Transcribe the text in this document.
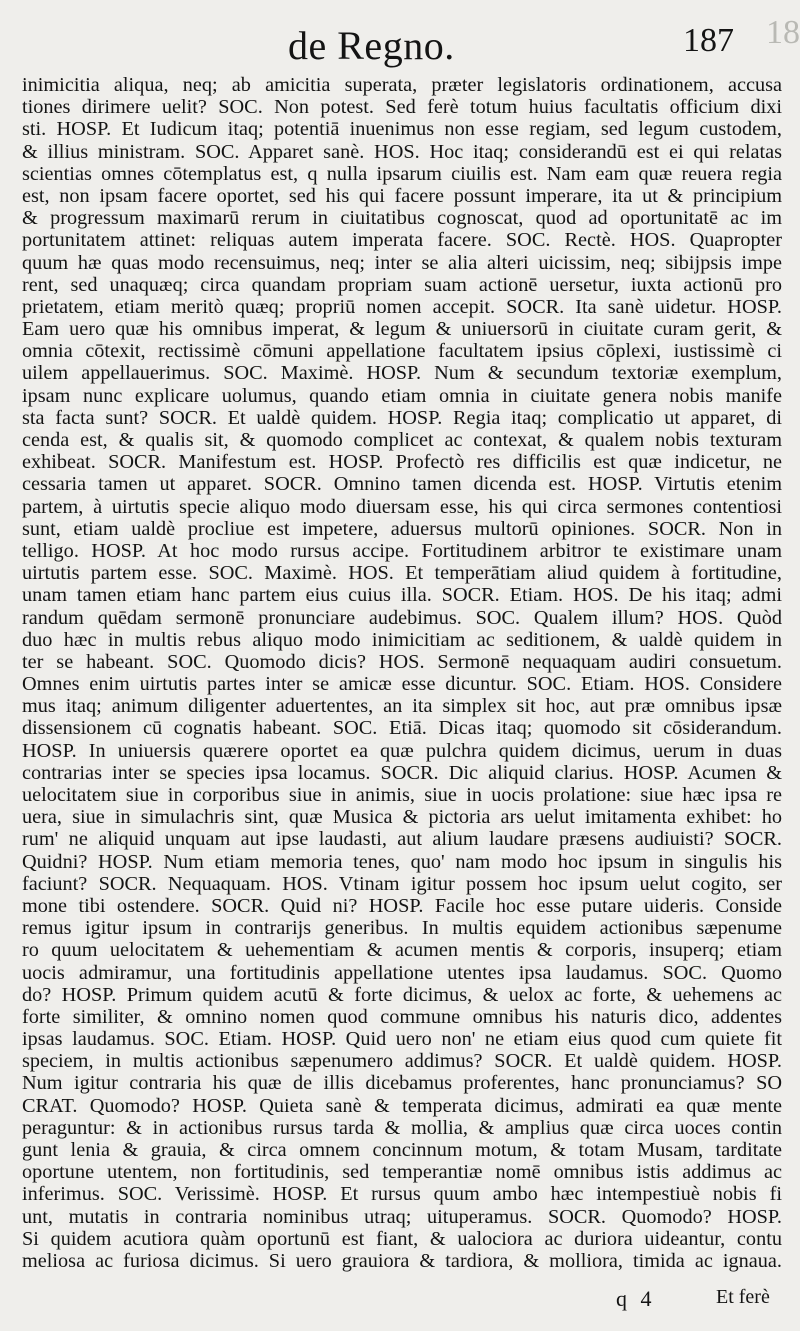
de Regno.	187 18
inimicitia aliqua, neq; ab amicitia superata, præter legislatoris ordinationem, accusa
tiones dirimere uelit? SOC. Non potest. Sed ferè totum huius facultatis officium dixi
sti. HOSP. Et Iudicum itaq; potentiā inuenimus non esse regiam, sed legum custodem,
& illius ministram. SOC. Apparet sanè. HOS. Hoc itaq; considerandū est ei qui relatas
scientias omnes cōtemplatus est, q nulla ipsarum ciuilis est. Nam eam quæ reuera regia
est, non ipsam facere oportet, sed his qui facere possunt imperare, ita ut & principium
& progressum maximarū rerum in ciuitatibus cognoscat, quod ad oportunitatē ac im
portunitatem attinet: reliquas autem imperata facere. SOC. Rectè. HOS. Quapropter
quum hæ quas modo recensuimus, neq; inter se alia alteri uicissim, neq; sibijpsis impe
rent, sed unaquæq; circa quandam propriam suam actionē uersetur, iuxta actionū pro
prietatem, etiam meritò quæq; propriū nomen accepit. SOCR. Ita sanè uidetur. HOSP.
Eam uero quæ his omnibus imperat, & legum & uniuersorū in ciuitate curam gerit, &
omnia cōtexit, rectissimè cōmuni appellatione facultatem ipsius cōplexi, iustissimè ci
uilem appellauerimus. SOC. Maximè. HOSP. Num & secundum textoriæ exemplum,
ipsam nunc explicare uolumus, quando etiam omnia in ciuitate genera nobis manife
sta facta sunt? SOCR. Et ualdè quidem. HOSP. Regia itaq; complicatio ut apparet, di
cenda est, & qualis sit, & quomodo complicet ac contexat, & qualem nobis texturam
exhibeat. SOCR. Manifestum est. HOSP. Profectò res difficilis est quæ indicetur, ne
cessaria tamen ut apparet. SOCR. Omnino tamen dicenda est. HOSP. Virtutis etenim
partem, à uirtutis specie aliquo modo diuersam esse, his qui circa sermones contentiosi
sunt, etiam ualdè procliue est impetere, aduersus multorū opiniones. SOCR. Non in
telligo. HOSP. At hoc modo rursus accipe. Fortitudinem arbitror te existimare unam
uirtutis partem esse. SOC. Maximè. HOS. Et temperātiam aliud quidem à fortitudine,
unam tamen etiam hanc partem eius cuius illa. SOCR. Etiam. HOS. De his itaq; admi
randum quēdam sermonē pronunciare audebimus. SOC. Qualem illum? HOS. Quòd
duo hæc in multis rebus aliquo modo inimicitiam ac seditionem, & ualdè quidem in
ter se habeant. SOC. Quomodo dicis? HOS. Sermonē nequaquam audiri consuetum.
Omnes enim uirtutis partes inter se amicæ esse dicuntur. SOC. Etiam. HOS. Considere
mus itaq; animum diligenter aduertentes, an ita simplex sit hoc, aut præ omnibus ipsæ
dissensionem cū cognatis habeant. SOC. Etiā. Dicas itaq; quomodo sit cōsiderandum.
HOSP. In uniuersis quærere oportet ea quæ pulchra quidem dicimus, uerum in duas
contrarias inter se species ipsa locamus. SOCR. Dic aliquid clarius. HOSP. Acumen &
uelocitatem siue in corporibus siue in animis, siue in uocis prolatione: siue hæc ipsa re
uera, siue in simulachris sint, quæ Musica & pictoria ars uelut imitamenta exhibet: ho
rum' ne aliquid unquam aut ipse laudasti, aut alium laudare præsens audiuisti? SOCR.
Quidni? HOSP. Num etiam memoria tenes, quo' nam modo hoc ipsum in singulis his
faciunt? SOCR. Nequaquam. HOS. Vtinam igitur possem hoc ipsum uelut cogito, ser
mone tibi ostendere. SOCR. Quid ni? HOSP. Facile hoc esse putare uideris. Conside
remus igitur ipsum in contrarijs generibus. In multis equidem actionibus sæpenume
ro quum uelocitatem & uehementiam & acumen mentis & corporis, insuperq; etiam
uocis admiramur, una fortitudinis appellatione utentes ipsa laudamus. SOC. Quomo
do? HOSP. Primum quidem acutū & forte dicimus, & uelox ac forte, & uehemens ac
forte similiter, & omnino nomen quod commune omnibus his naturis dico, addentes
ipsas laudamus. SOC. Etiam. HOSP. Quid uero non' ne etiam eius quod cum quiete fit
speciem, in multis actionibus sæpenumero addimus? SOCR. Et ualdè quidem. HOSP.
Num igitur contraria his quæ de illis dicebamus proferentes, hanc pronunciamus? SO
CRAT. Quomodo? HOSP. Quieta sanè & temperata dicimus, admirati ea quæ mente
peraguntur: & in actionibus rursus tarda & mollia, & amplius quæ circa uoces contin
gunt lenia & grauia, & circa omnem concinnum motum, & totam Musam, tarditate
oportune utentem, non fortitudinis, sed temperantiæ nomē omnibus istis addimus ac
inferimus. SOC. Verissimè. HOSP. Et rursus quum ambo hæc intempestiuè nobis fi
unt, mutatis in contraria nominibus utraq; uituperamus. SOCR. Quomodo? HOSP.
Si quidem acutiora quàm oportunū est fiant, & ualociora ac duriora uideantur, contu
meliosa ac furiosa dicimus. Si uero grauiora & tardiora, & molliora, timida ac ignaua.
q 4	Et ferè
